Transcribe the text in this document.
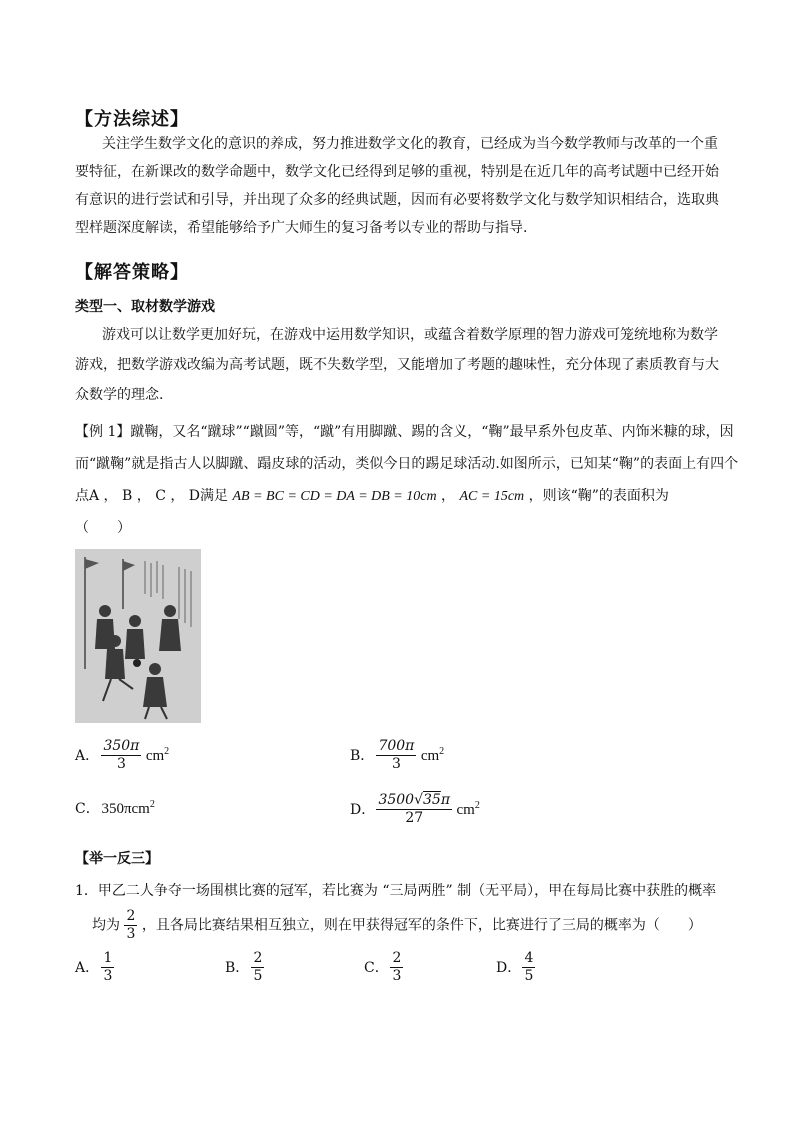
【方法综述】
关注学生数学文化的意识的养成，努力推进数学文化的教育，已经成为当今数学教师与改革的一个重
要特征，在新课改的数学命题中，数学文化已经得到足够的重视，特别是在近几年的高考试题中已经开始
有意识的进行尝试和引导，并出现了众多的经典试题，因而有必要将数学文化与数学知识相结合，选取典
型样题深度解读，希望能够给予广大师生的复习备考以专业的帮助与指导.
【解答策略】
类型一、取材数学游戏
游戏可以让数学更加好玩，在游戏中运用数学知识，或蕴含着数学原理的智力游戏可笼统地称为数学
游戏，把数学游戏改编为高考试题，既不失数学型，又能增加了考题的趣味性，充分体现了素质教育与大
众数学的理念.
【例 1】蹴鞠，又名“蹴球”“蹴圆”等，“蹴”有用脚蹴、踢的含义，“鞠”最早系外包皮革、内饰米糠的球，因
而“蹴鞠”就是指古人以脚蹴、蹋皮球的活动，类似今日的踢足球活动.如图所示，已知某“鞠”的表面上有四个
点A ， B ， C ， D满足 AB = BC = CD = DA = DB = 10cm ， AC = 15cm ，则该“鞠”的表面积为
（　　）
A． $\frac{350\pi}{3} cm^2$	B． $\frac{700\pi}{3} cm^2$
C． 350πcm$^2$	D． $\frac{3500√35\pi}{27} cm^2$
【举一反三】
1．甲乙二人争夺一场围棋比赛的冠军，若比赛为 “三局两胜” 制（无平局），甲在每局比赛中获胜的概率
均为 $\frac{2}{3}$ ，且各局比赛结果相互独立，则在甲获得冠军的条件下，比赛进行了三局的概率为（　　）
A． $\frac{1}{3}$	B． $\frac{2}{5}$	C． $\frac{2}{3}$	D． $\frac{4}{5}$
